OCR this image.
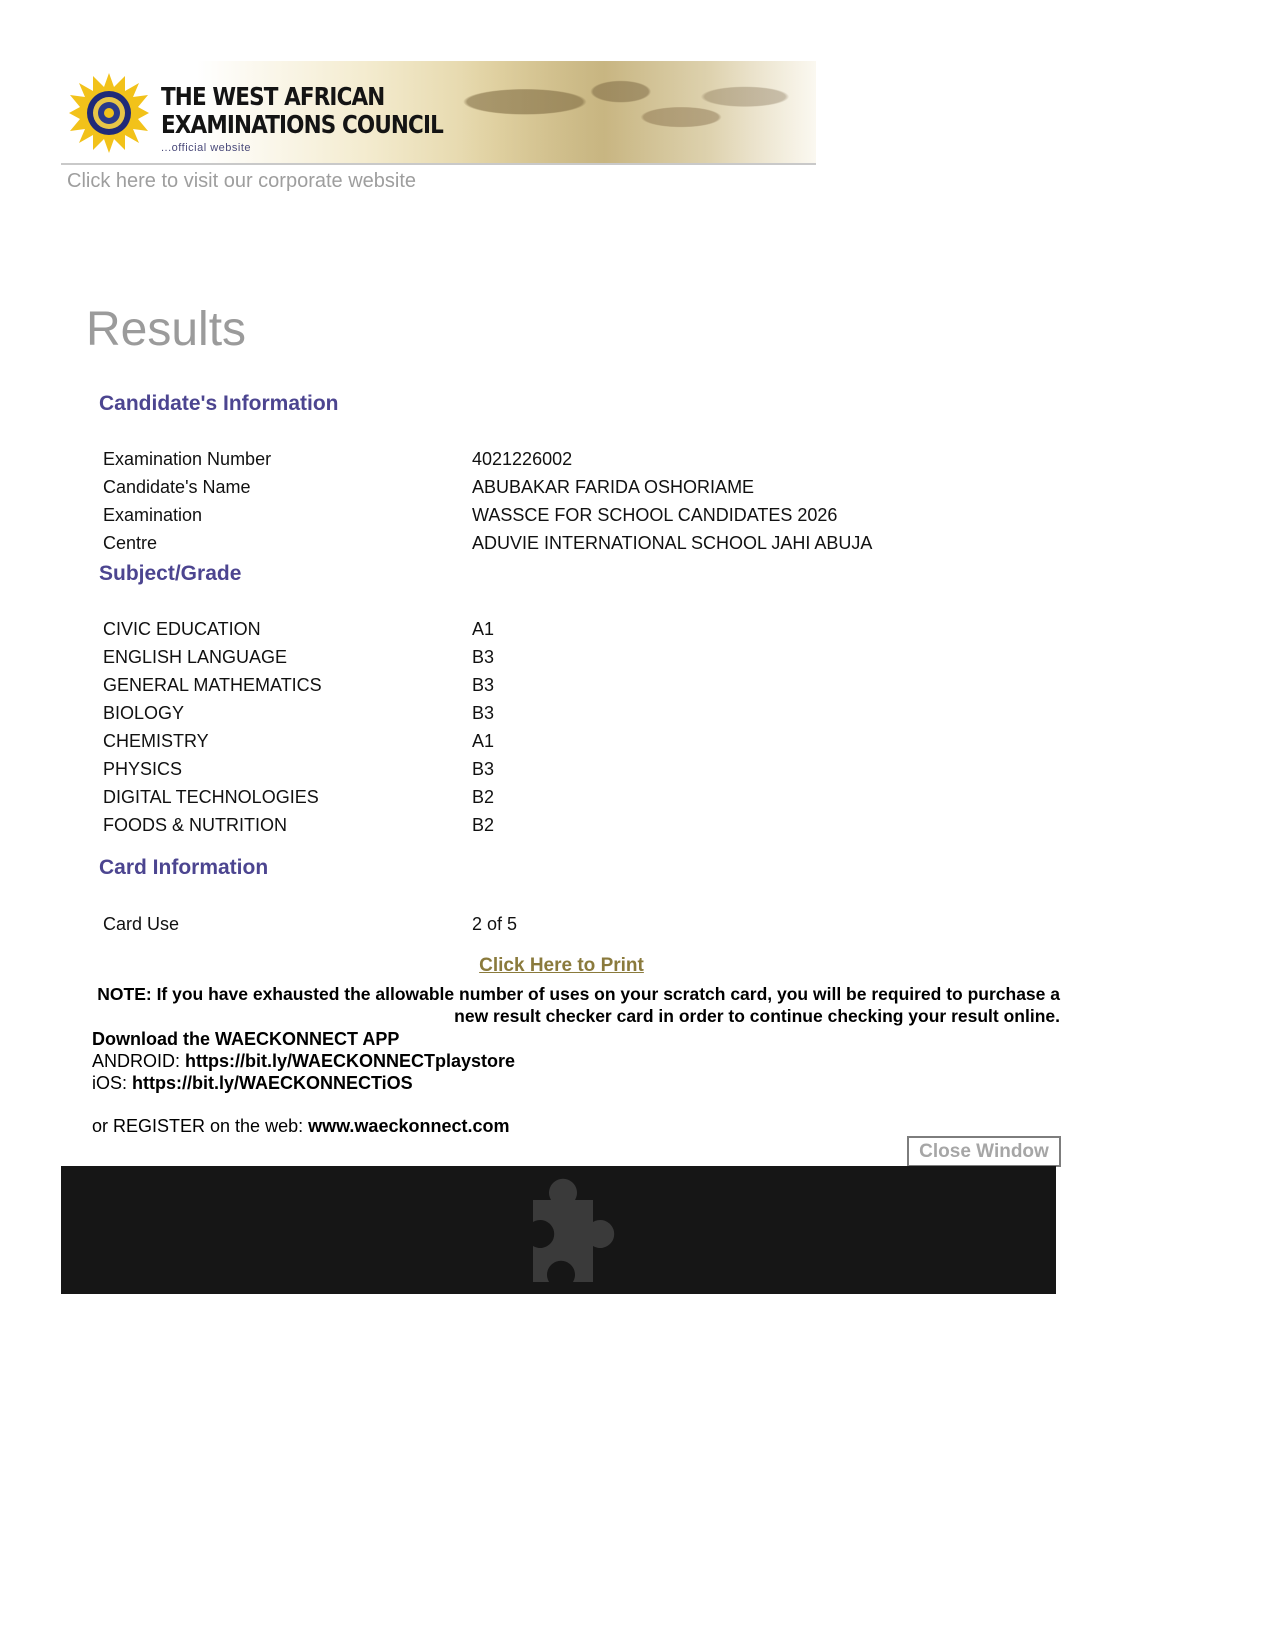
THE WEST AFRICAN
EXAMINATIONS COUNCIL
...official website
Click here to visit our corporate website
Results
Candidate's Information
Examination Number	4021226002
Candidate's Name	ABUBAKAR FARIDA OSHORIAME
Examination	WASSCE FOR SCHOOL CANDIDATES 2026
Centre	ADUVIE INTERNATIONAL SCHOOL JAHI ABUJA
Subject/Grade
CIVIC EDUCATION	A1
ENGLISH LANGUAGE	B3
GENERAL MATHEMATICS	B3
BIOLOGY	B3
CHEMISTRY	A1
PHYSICS	B3
DIGITAL TECHNOLOGIES	B2
FOODS & NUTRITION	B2
Card Information
Card Use	2 of 5
Click Here to Print

NOTE: If you have exhausted the allowable number of uses on your scratch card, you will be required to purchase a new result checker card in order to continue checking your result online.

Download the WAECKONNECT APP
ANDROID: https://bit.ly/WAECKONNECTplaystore
iOS: https://bit.ly/WAECKONNECTiOS
or REGISTER on the web: www.waeckonnect.com
Close Window
